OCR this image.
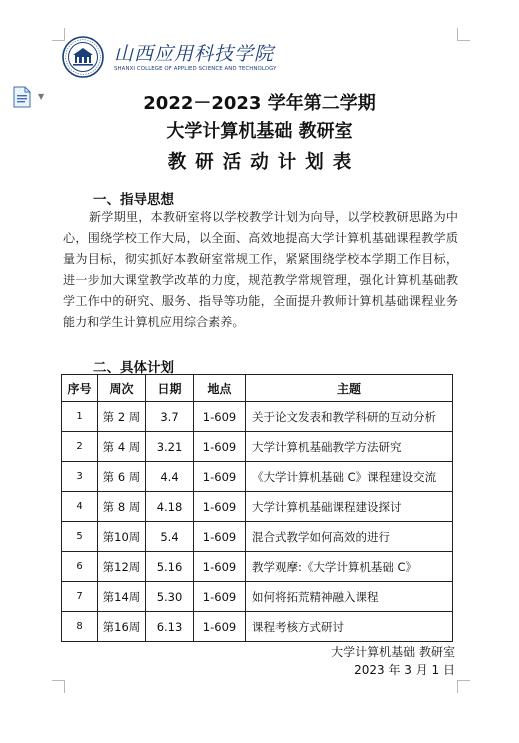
山西应用科技学院
SHANXI COLLEGE OF APPLIED SCIENCE AND TECHNOLOGY
▼	2022－2023 学年第二学期
大学计算机基础 教研室
教研活动计划表
一、指导思想
新学期里，本教研室将以学校教学计划为向导，以学校教研思路为中心，围绕学校工作大局，以全面、高效地提高大学计算机基础课程教学质量为目标，彻实抓好本教研室常规工作，紧紧围绕学校本学期工作目标，进一步加大课堂教学改革的力度，规范教学常规管理，强化计算机基础教学工作中的研究、服务、指导等功能，全面提升教师计算机基础课程业务能力和学生计算机应用综合素养。
二、具体计划
序号	周次	日期	地点	主题
1	第 2 周	3.7	1-609	关于论文发表和教学科研的互动分析
2	第 4 周	3.21	1-609	大学计算机基础教学方法研究
3	第 6 周	4.4	1-609	《大学计算机基础 C》课程建设交流
4	第 8 周	4.18	1-609	大学计算机基础课程建设探讨
5	第10周	5.4	1-609	混合式教学如何高效的进行
6	第12周	5.16	1-609	教学观摩:《大学计算机基础 C》
7	第14周	5.30	1-609	如何将拓荒精神融入课程
8	第16周	6.13	1-609	课程考核方式研讨
大学计算机基础 教研室
2023 年 3 月 1 日
